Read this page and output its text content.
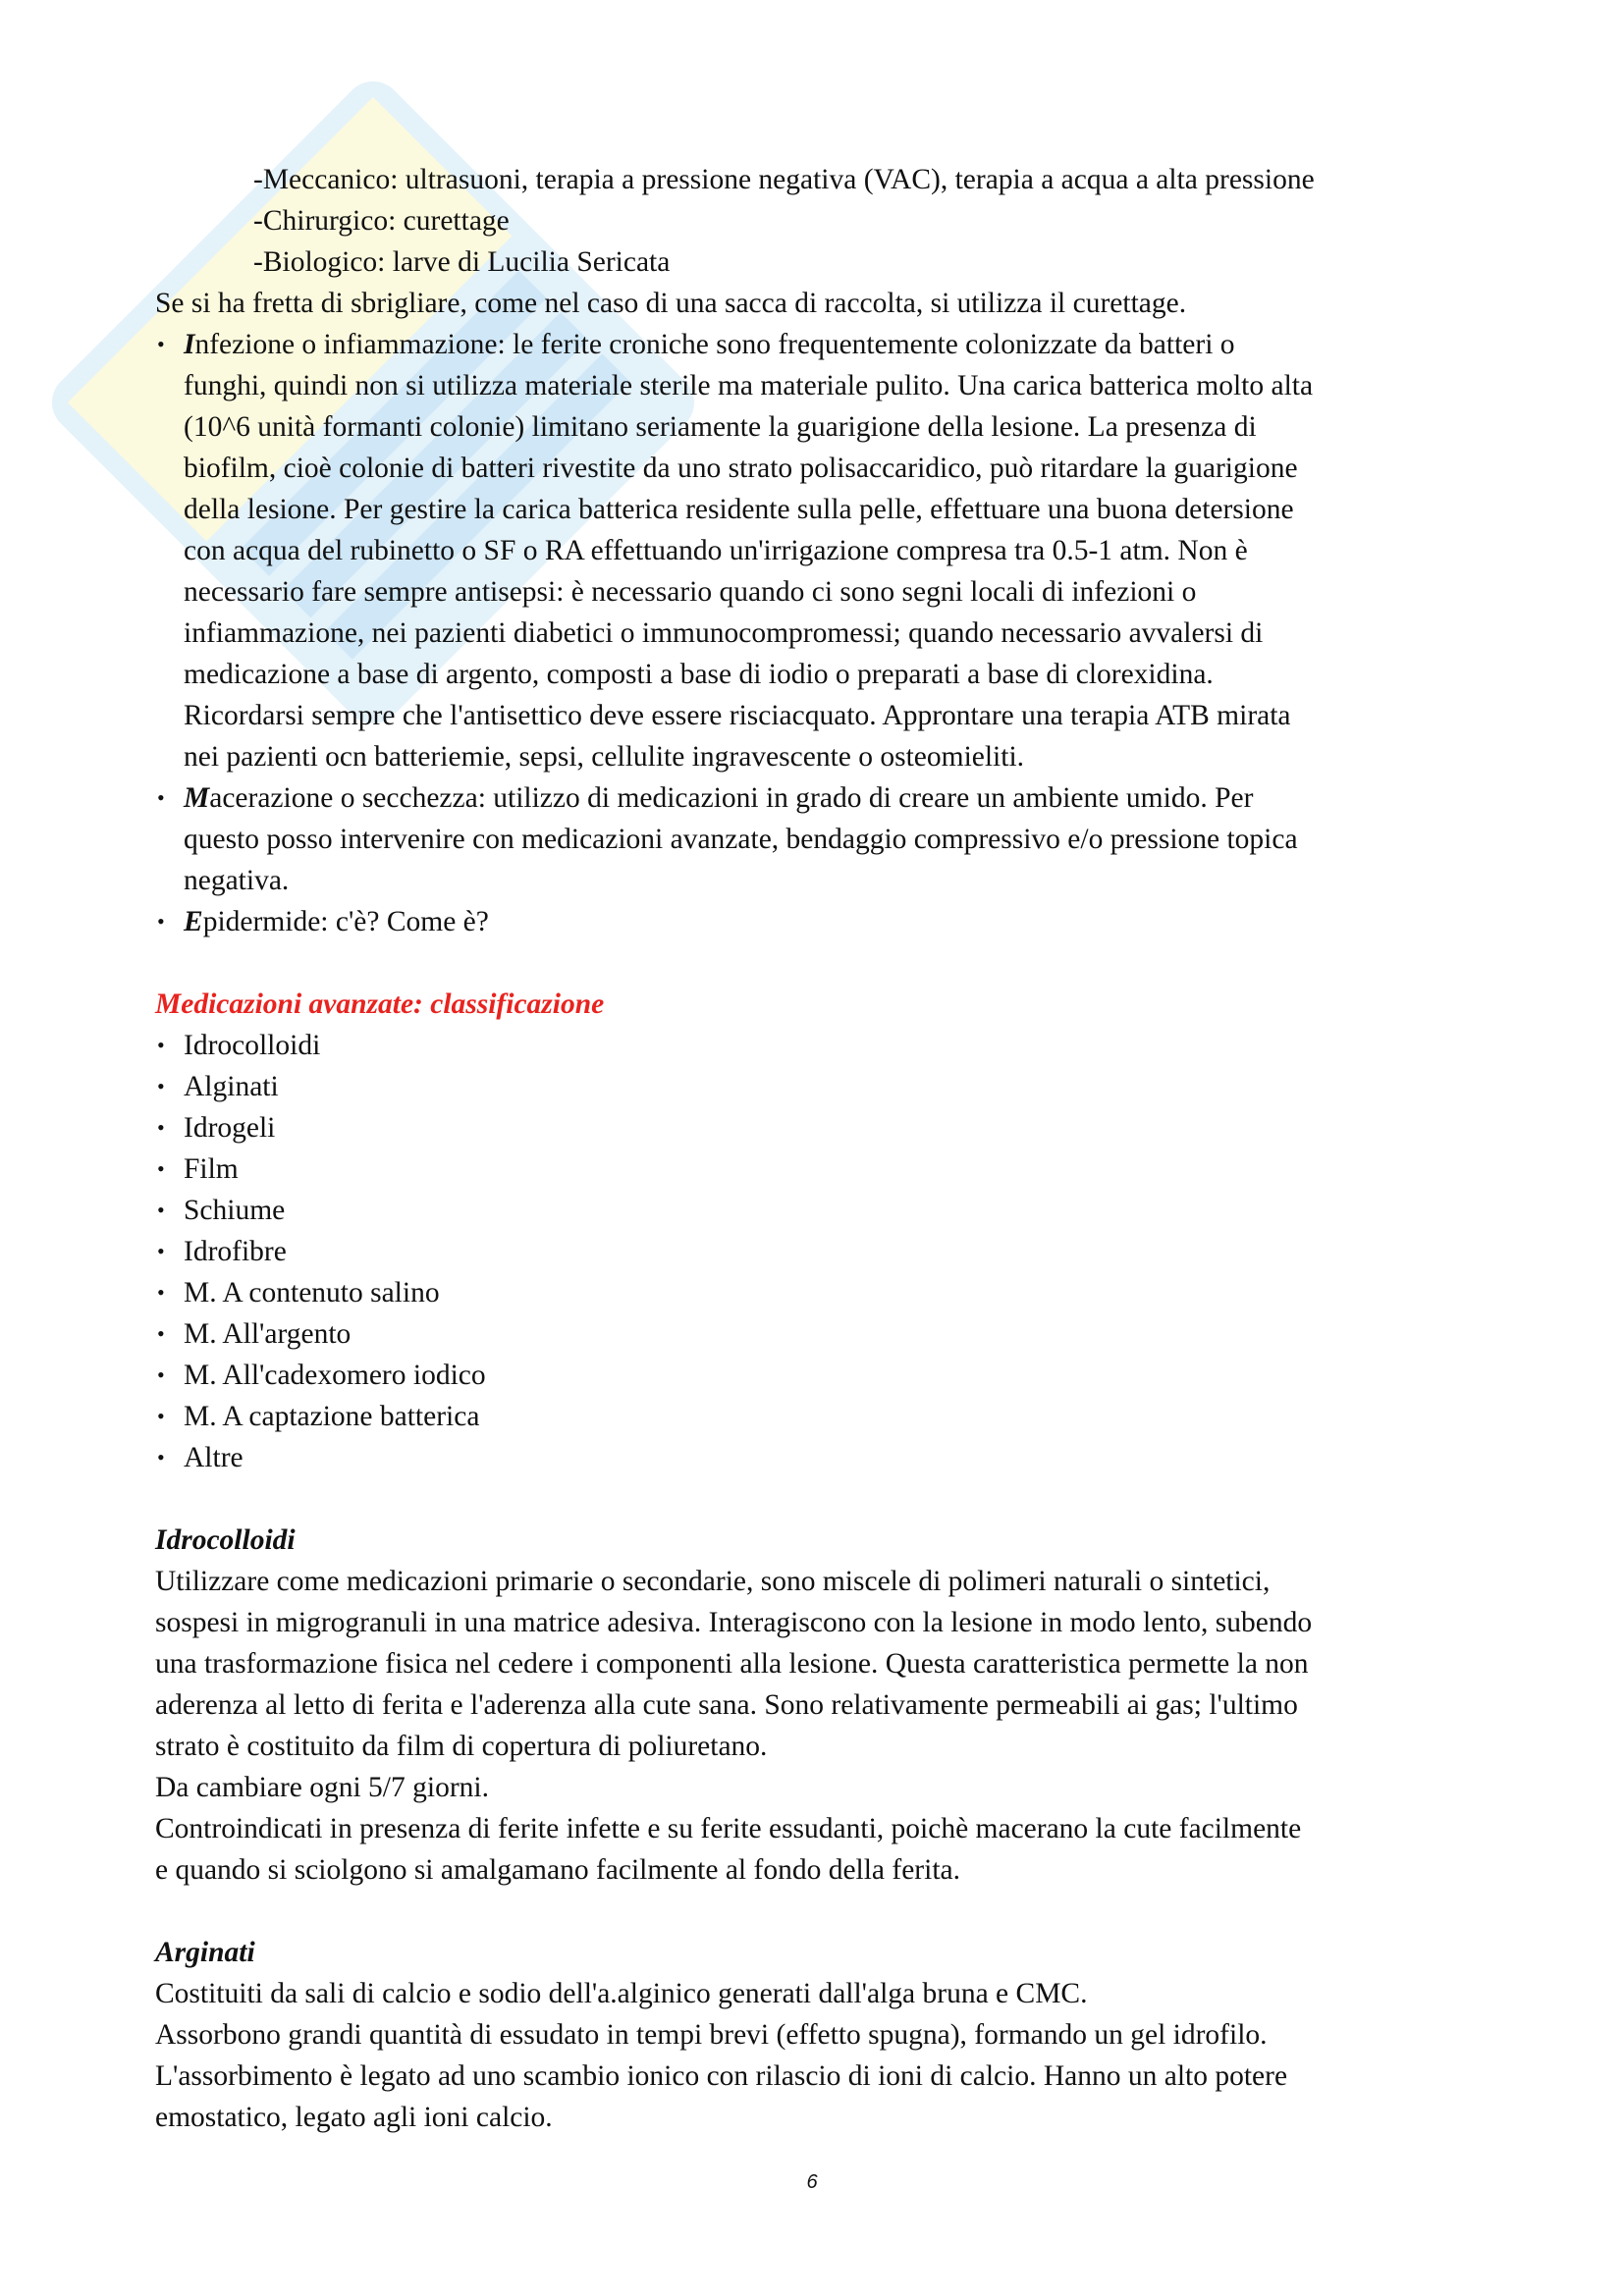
-Meccanico: ultrasuoni, terapia a pressione negativa (VAC), terapia a acqua a alta pressione
-Chirurgico: curettage
-Biologico: larve di Lucilia Sericata
Se si ha fretta di sbrigliare, come nel caso di una sacca di raccolta, si utilizza il curettage.
• Infezione o infiammazione: le ferite croniche sono frequentemente colonizzate da batteri o
funghi, quindi non si utilizza materiale sterile ma materiale pulito. Una carica batterica molto alta
(10^6 unità formanti colonie) limitano seriamente la guarigione della lesione. La presenza di
biofilm, cioè colonie di batteri rivestite da uno strato polisaccaridico, può ritardare la guarigione
della lesione. Per gestire la carica batterica residente sulla pelle, effettuare una buona detersione
con acqua del rubinetto o SF o RA effettuando un'irrigazione compresa tra 0.5-1 atm. Non è
necessario fare sempre antisepsi: è necessario quando ci sono segni locali di infezioni o
infiammazione, nei pazienti diabetici o immunocompromessi; quando necessario avvalersi di
medicazione a base di argento, composti a base di iodio o preparati a base di clorexidina.
Ricordarsi sempre che l'antisettico deve essere risciacquato. Approntare una terapia ATB mirata
nei pazienti ocn batteriemie, sepsi, cellulite ingravescente o osteomieliti.
• Macerazione o secchezza: utilizzo di medicazioni in grado di creare un ambiente umido. Per
questo posso intervenire con medicazioni avanzate, bendaggio compressivo e/o pressione topica
negativa.
• Epidermide: c'è? Come è?
Medicazioni avanzate: classificazione
• Idrocolloidi
• Alginati
• Idrogeli
• Film
• Schiume
• Idrofibre
• M. A contenuto salino
• M. All'argento
• M. All'cadexomero iodico
• M. A captazione batterica
• Altre
Idrocolloidi
Utilizzare come medicazioni primarie o secondarie, sono miscele di polimeri naturali o sintetici,
sospesi in migrogranuli in una matrice adesiva. Interagiscono con la lesione in modo lento, subendo
una trasformazione fisica nel cedere i componenti alla lesione. Questa caratteristica permette la non
aderenza al letto di ferita e l'aderenza alla cute sana. Sono relativamente permeabili ai gas; l'ultimo
strato è costituito da film di copertura di poliuretano.
Da cambiare ogni 5/7 giorni.
Controindicati in presenza di ferite infette e su ferite essudanti, poichè macerano la cute facilmente
e quando si sciolgono si amalgamano facilmente al fondo della ferita.
Arginati
Costituiti da sali di calcio e sodio dell'a.alginico generati dall'alga bruna e CMC.
Assorbono grandi quantità di essudato in tempi brevi (effetto spugna), formando un gel idrofilo.
L'assorbimento è legato ad uno scambio ionico con rilascio di ioni di calcio. Hanno un alto potere
emostatico, legato agli ioni calcio.
6
